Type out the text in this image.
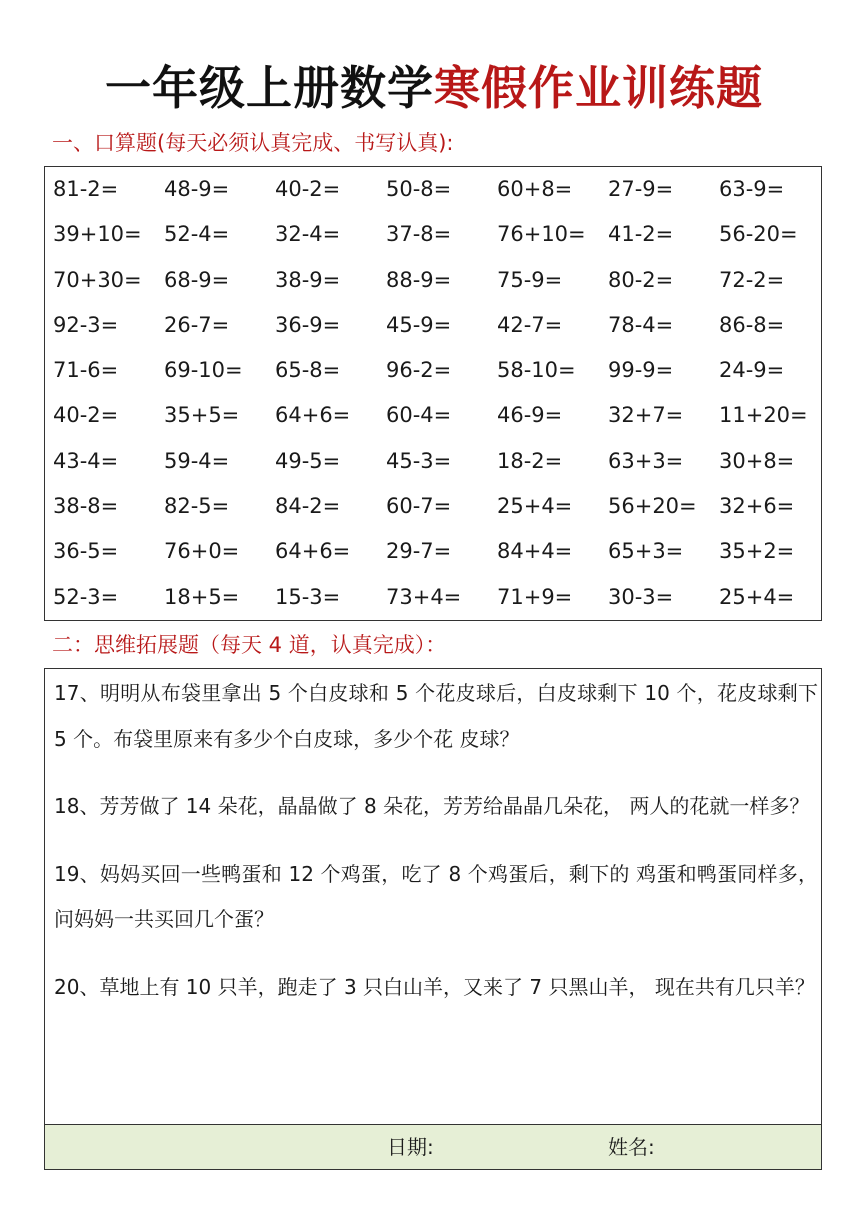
一年级上册数学寒假作业训练题
一、口算题(每天必须认真完成、书写认真):
81-2=	48-9=	40-2=	50-8=	60+8=	27-9=	63-9=
39+10=	52-4=	32-4=	37-8=	76+10=	41-2=	56-20=
70+30=	68-9=	38-9=	88-9=	75-9=	80-2=	72-2=
92-3=	26-7=	36-9=	45-9=	42-7=	78-4=	86-8=
71-6=	69-10=	65-8=	96-2=	58-10=	99-9=	24-9=
40-2=	35+5=	64+6=	60-4=	46-9=	32+7=	11+20=
43-4=	59-4=	49-5=	45-3=	18-2=	63+3=	30+8=
38-8=	82-5=	84-2=	60-7=	25+4=	56+20=	32+6=
36-5=	76+0=	64+6=	29-7=	84+4=	65+3=	35+2=
52-3=	18+5=	15-3=	73+4=	71+9=	30-3=	25+4=
二：思维拓展题（每天 4 道，认真完成）：
17、明明从布袋里拿出 5 个白皮球和 5 个花皮球后，白皮球剩下 10 个，花皮球剩下 5 个。布袋里原来有多少个白皮球，多少个花 皮球？
18、芳芳做了 14 朵花，晶晶做了 8 朵花，芳芳给晶晶几朵花， 两人的花就一样多？
19、妈妈买回一些鸭蛋和 12 个鸡蛋，吃了 8 个鸡蛋后，剩下的 鸡蛋和鸭蛋同样多，问妈妈一共买回几个蛋？
20、草地上有 10 只羊，跑走了 3 只白山羊，又来了 7 只黑山羊， 现在共有几只羊？
日期:	姓名:
